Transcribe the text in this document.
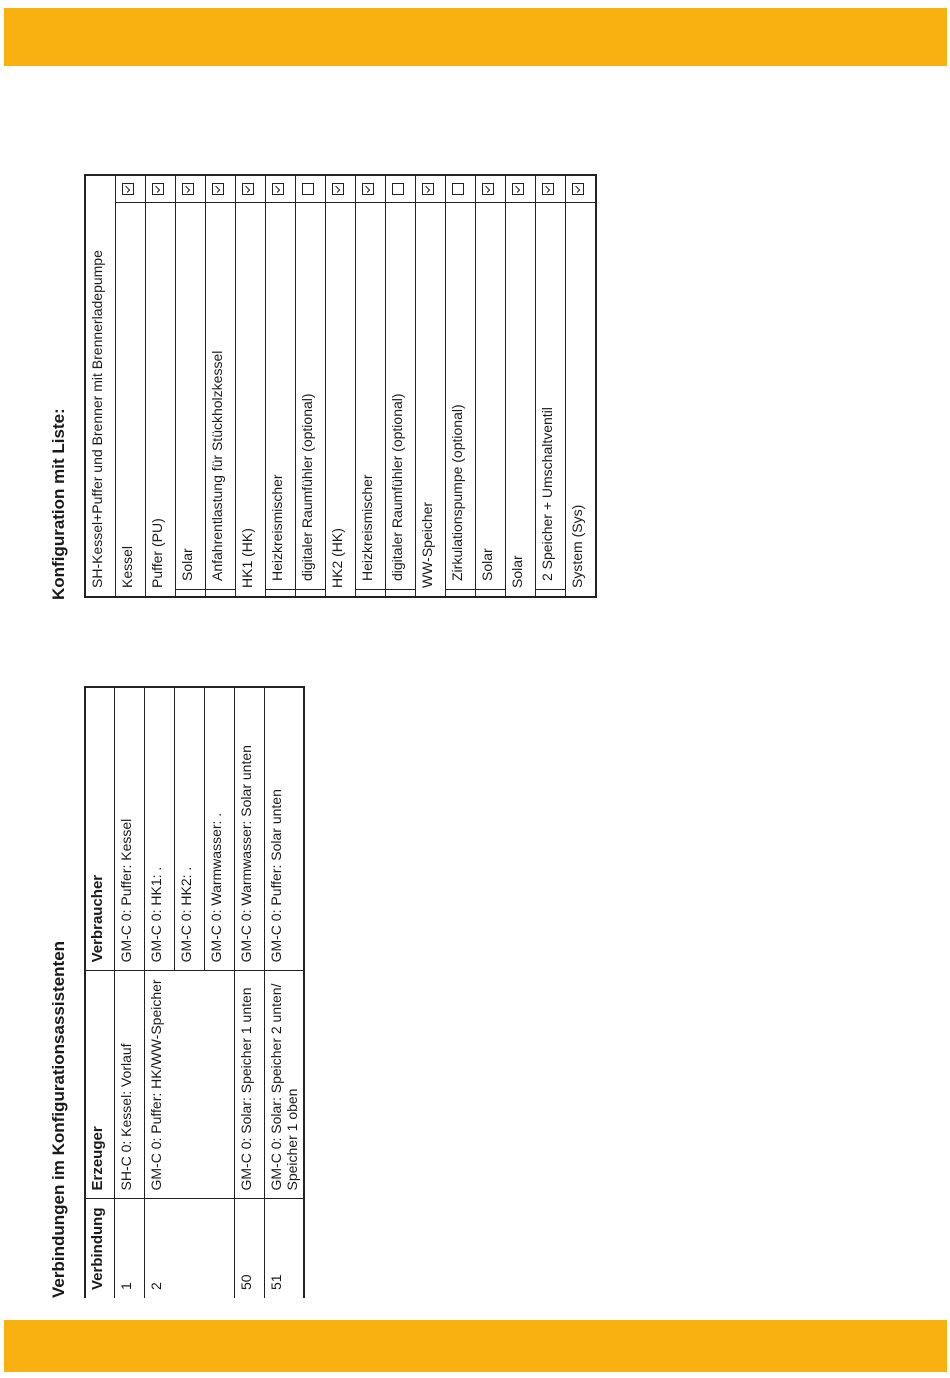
Verbindungen im Konfigurationsassistenten Verbindung	Erzeuger	Verbraucher
1	SH-C 0: Kessel: Vorlauf	GM-C 0: Puffer: Kessel
2	GM-C 0: Puffer: HK/WW-Speicher	GM-C 0: HK1: .
		GM-C 0: HK2: .
		GM-C 0: Warmwasser: .
50	GM-C 0: Solar: Speicher 1 unten	GM-C 0: Warmwasser: Solar unten
51	GM-C 0: Solar: Speicher 2 unten/ Speicher 1 oben	GM-C 0: Puffer: Solar unten
Konfiguration mit Liste: SH-Kessel+Puffer und Brenner mit Brennerladepumpe		
Kessel		
Puffer (PU)		
	Solar	
	Anfahrentlastung für Stückholzkessel	
HK1 (HK)		
	Heizkreismischer	
	digitaler Raumfühler (optional)	
HK2 (HK)		
	Heizkreismischer	
	digitaler Raumfühler (optional)	
WW-Speicher		
	Zirkulationspumpe (optional)	
	Solar	
Solar		
	2 Speicher + Umschaltventil	
System (Sys)		
